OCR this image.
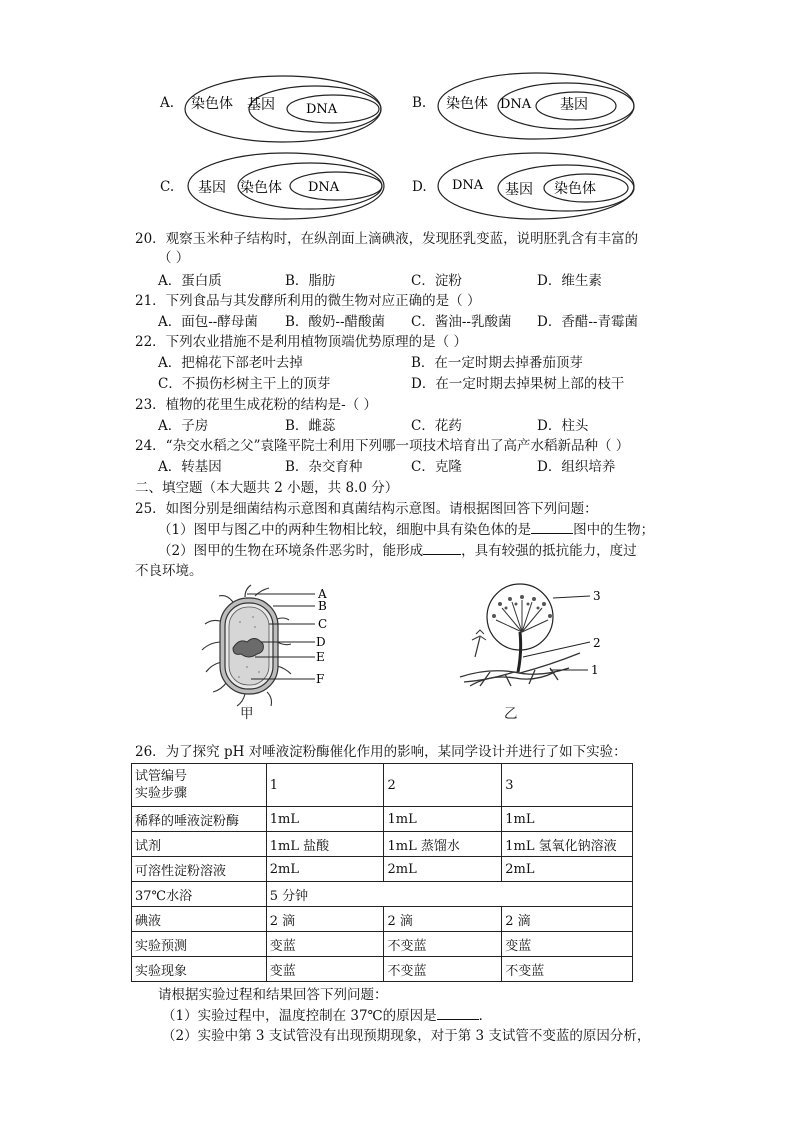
A. 染色体 基因 DNA	B. 染色体 DNA 基因
C. 基因 染色体 DNA	D. DNA 基因 染色体
20．观察玉米种子结构时，在纵剖面上滴碘液，发现胚乳变蓝，说明胚乳含有丰富的
（ ）
A．蛋白质	B．脂肪	C．淀粉	D．维生素
21．下列食品与其发酵所利用的微生物对应正确的是（ ）
A．面包--酵母菌 B．酸奶--醋酸菌 C．酱油--乳酸菌 D．香醋--青霉菌
22．下列农业措施不是利用植物顶端优势原理的是（ ）
A．把棉花下部老叶去掉	B．在一定时期去掉番茄顶芽
C．不损伤杉树主干上的顶芽	D．在一定时期去掉果树上部的枝干
23．植物的花里生成花粉的结构是-（ ）
A．子房	B．雌蕊	C．花药	D．柱头
24．“杂交水稻之父”袁隆平院士利用下列哪一项技术培育出了高产水稻新品种（ ）
A．转基因	B．杂交育种	C．克隆	D．组织培养
二、填空题（本大题共 2 小题，共 8.0 分）
25．如图分别是细菌结构示意图和真菌结构示意图。请根据图回答下列问题：
（1）图甲与图乙中的两种生物相比较，细胞中具有染色体的是	图中的生物；
（2）图甲的生物在环境条件恶劣时，能形成	，具有较强的抵抗能力，度过
不良环境。
A
B
C
D
E
F
甲
3
2
1
乙
26．为了探究 pH 对唾液淀粉酶催化作用的影响，某同学设计并进行了如下实验：
试管编号
实验步骤	1	2	3
稀释的唾液淀粉酶	1mL	1mL	1mL
试剂	1mL 盐酸	1mL 蒸馏水	1mL 氢氧化钠溶液
可溶性淀粉溶液	2mL	2mL	2mL
37℃水浴	5 分钟		
碘液	2 滴	2 滴	2 滴
实验预测	变蓝	不变蓝	变蓝
实验现象	变蓝	不变蓝	不变蓝
请根据实验过程和结果回答下列问题：
（1）实验过程中，温度控制在 37℃的原因是	．
（2）实验中第 3 支试管没有出现预期现象，对于第 3 支试管不变蓝的原因分析，
